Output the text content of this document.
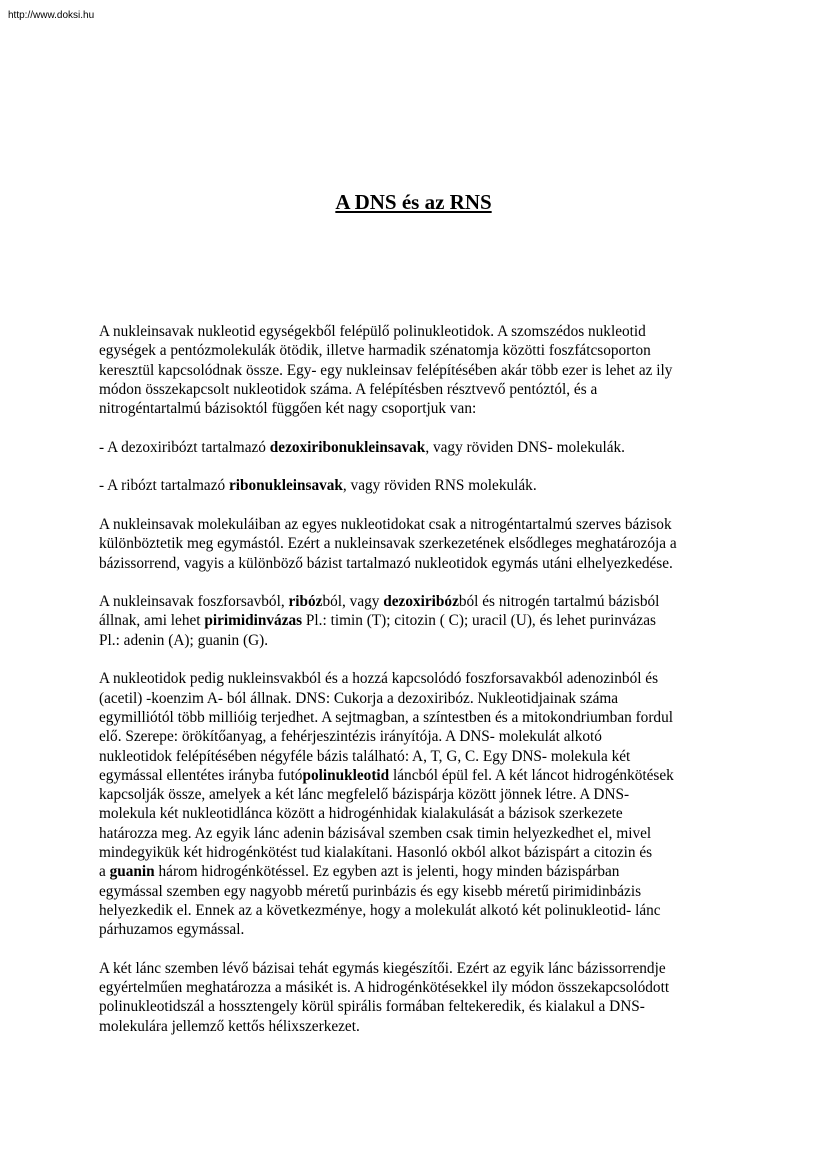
http://www.doksi.hu
A DNS és az RNS

A nukleinsavak nukleotid egységekből felépülő polinukleotidok. A szomszédos nukleotid
egységek a pentózmolekulák ötödik, illetve harmadik szénatomja közötti foszfátcsoporton
keresztül kapcsolódnak össze. Egy- egy nukleinsav felépítésében akár több ezer is lehet az ily
módon összekapcsolt nukleotidok száma. A felépítésben résztvevő pentóztól, és a
nitrogéntartalmú bázisoktól függően két nagy csoportjuk van:

- A dezoxiribózt tartalmazó dezoxiribonukleinsavak, vagy röviden DNS- molekulák.

- A ribózt tartalmazó ribonukleinsavak, vagy röviden RNS molekulák.

A nukleinsavak molekuláiban az egyes nukleotidokat csak a nitrogéntartalmú szerves bázisok
különböztetik meg egymástól. Ezért a nukleinsavak szerkezetének elsődleges meghatározója a
bázissorrend, vagyis a különböző bázist tartalmazó nukleotidok egymás utáni elhelyezkedése.

A nukleinsavak foszforsavból, ribózból, vagy dezoxiribózból és nitrogén tartalmú bázisból
állnak, ami lehet pirimidinvázas Pl.: timin (T); citozin ( C); uracil (U), és lehet purinvázas
Pl.: adenin (A); guanin (G).

A nukleotidok pedig nukleinsvakból és a hozzá kapcsolódó foszforsavakból adenozinból és
(acetil) -koenzim A- ból állnak. DNS: Cukorja a dezoxiribóz. Nukleotidjainak száma
egymilliótól több millióig terjedhet. A sejtmagban, a színtestben és a mitokondriumban fordul
elő. Szerepe: örökítőanyag, a fehérjeszintézis irányítója. A DNS- molekulát alkotó
nukleotidok felépítésében négyféle bázis található: A, T, G, C. Egy DNS- molekula két
egymással ellentétes irányba futópolinukleotid láncból épül fel. A két láncot hidrogénkötések
kapcsolják össze, amelyek a két lánc megfelelő bázispárja között jönnek létre. A DNS-
molekula két nukleotidlánca között a hidrogénhidak kialakulását a bázisok szerkezete
határozza meg. Az egyik lánc adenin bázisával szemben csak timin helyezkedhet el, mivel
mindegyikük két hidrogénkötést tud kialakítani. Hasonló okból alkot bázispárt a citozin és
a guanin három hidrogénkötéssel. Ez egyben azt is jelenti, hogy minden bázispárban
egymással szemben egy nagyobb méretű purinbázis és egy kisebb méretű pirimidinbázis
helyezkedik el. Ennek az a következménye, hogy a molekulát alkotó két polinukleotid- lánc
párhuzamos egymással.

A két lánc szemben lévő bázisai tehát egymás kiegészítői. Ezért az egyik lánc bázissorrendje
egyértelműen meghatározza a másikét is. A hidrogénkötésekkel ily módon összekapcsolódott
polinukleotidszál a hossztengely körül spirális formában feltekeredik, és kialakul a DNS-
molekulára jellemző kettős hélixszerkezet.
